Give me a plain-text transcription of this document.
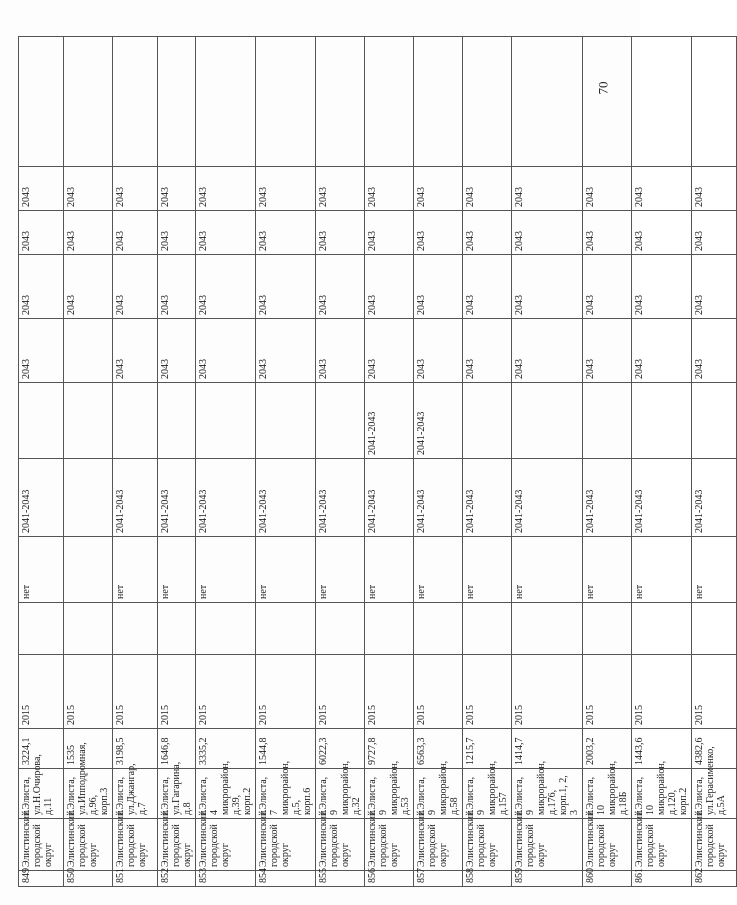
849	Элистинский городской округ	г.Элиста, ул.Н.Очирова, д.11	3224,1	2015		нет	2041-2043		2043	2043	2043	2043	
850	Элистинский городской округ	г.Элиста, ул.Ипподромная, д.96, корп.3	1535	2015						2043	2043	2043	
851	Элистинский городской округ	г.Элиста, ул.Джангар, д.7	3198,5	2015		нет	2041-2043		2043	2043	2043	2043	
852	Элистинский городской округ	г.Элиста, ул.Гагарина, д.8	1646,8	2015		нет	2041-2043		2043	2043	2043	2043	
853	Элистинский городской округ	г.Элиста, 4 микрорайон, д.39, корп.2	3335,2	2015		нет	2041-2043		2043	2043	2043	2043	
854	Элистинский городской округ	г.Элиста, 7 микрорайон, д.5, корп.6	1544,8	2015		нет	2041-2043		2043	2043	2043	2043	
855	Элистинский городской округ	г.Элиста, 9 микрорайон, д.32	6022,3	2015		нет	2041-2043		2043	2043	2043	2043	
856	Элистинский городской округ	г.Элиста, 9 микрорайон, д.53	9727,8	2015		нет	2041-2043	2041-2043	2043	2043	2043	2043	
857	Элистинский городской округ	г.Элиста, 9 микрорайон, д.58	6563,3	2015		нет	2041-2043	2041-2043	2043	2043	2043	2043	
858	Элистинский городской округ	г.Элиста, 9 микрорайон, д.157	1215,7	2015		нет	2041-2043		2043	2043	2043	2043	
859	Элистинский городской округ	г.Элиста, 9 микрорайон, д.176, корп.1, 2, 3	1414,7	2015		нет	2041-2043		2043	2043	2043	2043	
860	Элистинский городской округ	г.Элиста, 10 микрорайон, д.18Б	2003,2	2015		нет	2041-2043		2043	2043	2043	2043	
861	Элистинский городской округ	г.Элиста, 10 микрорайон, д.120, корп.2	1443,6	2015		нет	2041-2043		2043	2043	2043	2043	
862	Элистинский городской округ	г.Элиста, ул.Герасименко, д.5А	4382,6	2015		нет	2041-2043		2043	2043	2043	2043	
70
